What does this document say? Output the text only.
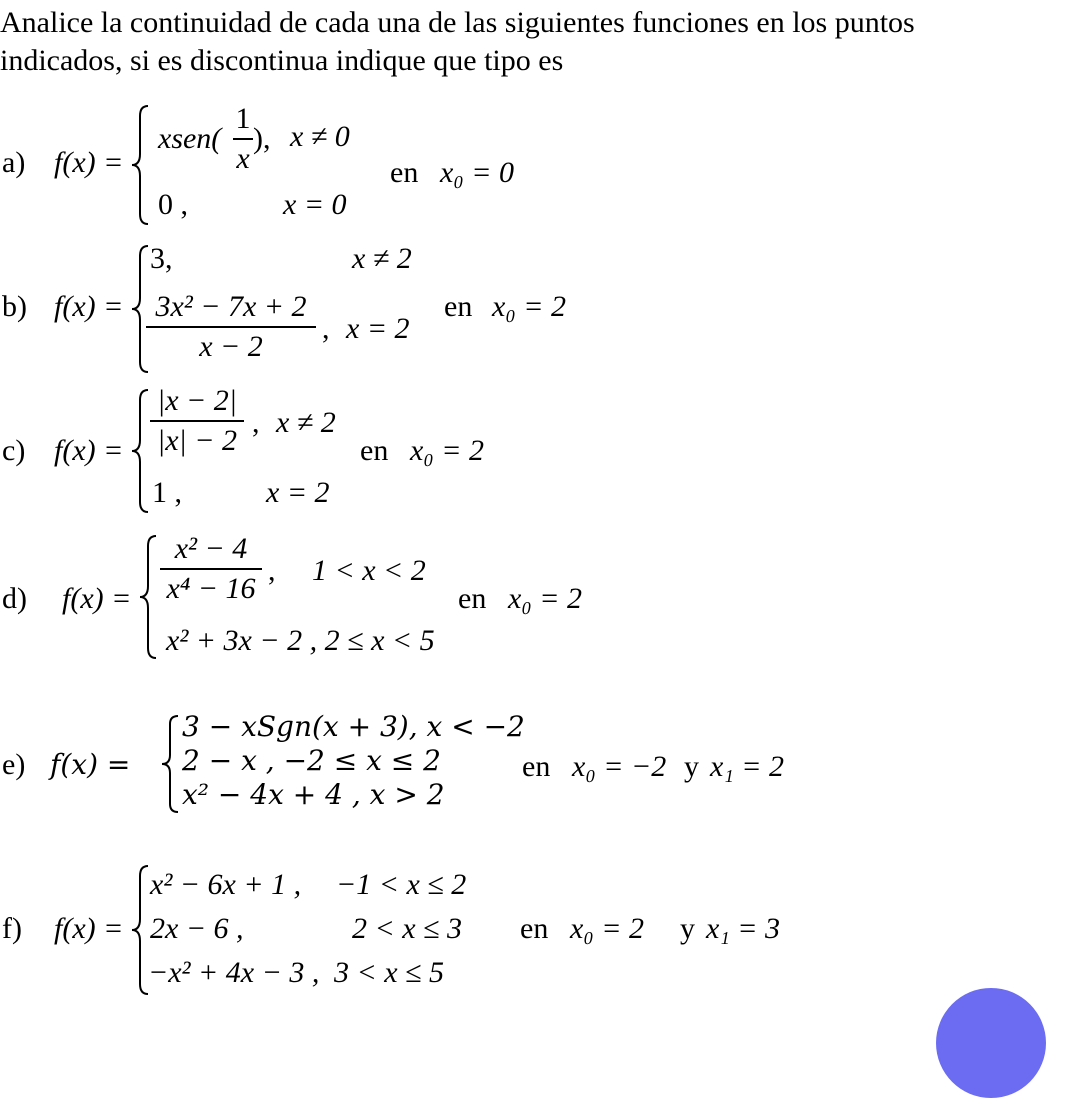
Analice la continuidad de cada una de las siguientes funciones en los puntos
indicados, si es discontinua indique que tipo es
a) f(x) =
xsen(
1
x
), x ≠ 0
0 ,	x = 0
en x₀ = 0
b) f(x) =
3,	x ≠ 2
3x² − 7x + 2
x − 2
, x = 2
en x₀ = 2
c) f(x) =
|x − 2|
|x| − 2
, x ≠ 2
1 ,	x = 2
en x₀ = 2
d) f(x) =
x² − 4
x⁴ − 16
, 1 < x < 2
x² + 3x − 2 , 2 ≤ x < 5
en x₀ = 2
e) f(x) =
3 − xSgn(x + 3), x < −2
2 − x , −2 ≤ x ≤ 2
x² − 4x + 4 , x > 2
en x₀ = −2 y x₁ = 2
f) f(x) =
x² − 6x + 1 , −1 < x ≤ 2
2x − 6 ,	2 < x ≤ 3
−x² + 4x − 3 , 3 < x ≤ 5
en x₀ = 2 y x₁ = 3
